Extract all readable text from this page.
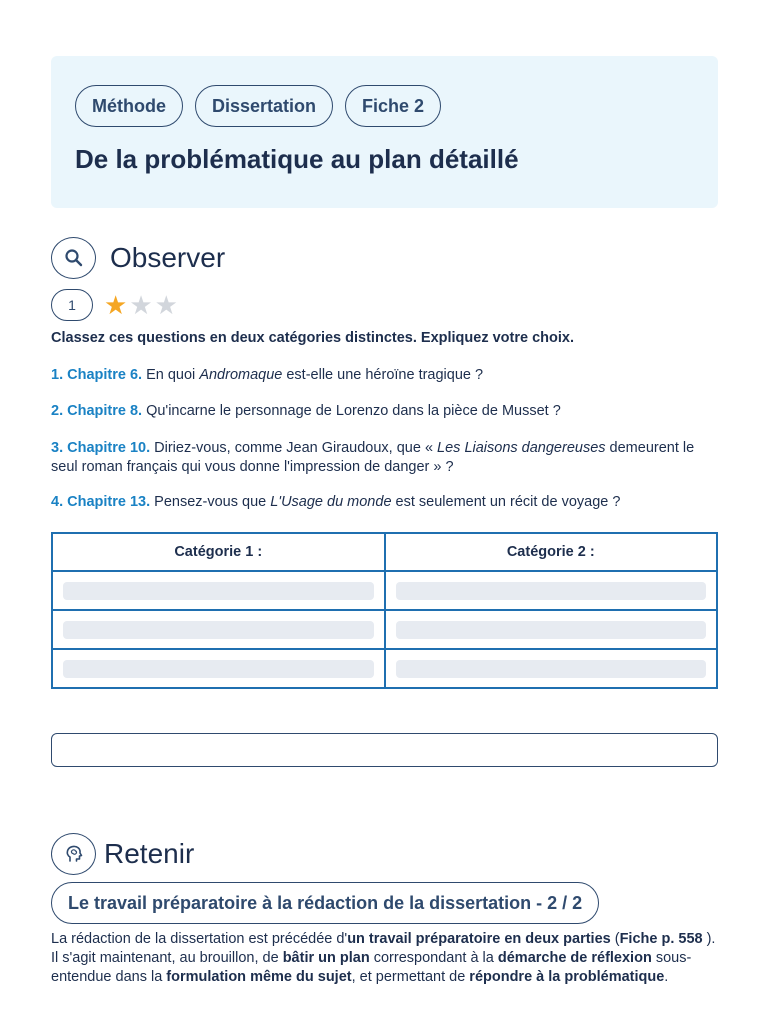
Méthode	Dissertation	Fiche 2
De la problématique au plan détaillé
Observer
1	★ ★ ★
Classez ces questions en deux catégories distinctes. Expliquez votre choix.
1. Chapitre 6. En quoi Andromaque est-elle une héroïne tragique ?
2. Chapitre 8. Qu'incarne le personnage de Lorenzo dans la pièce de Musset ?
3. Chapitre 10. Diriez-vous, comme Jean Giraudoux, que « Les Liaisons dangereuses demeurent le seul roman français qui vous donne l'impression de danger » ?
4. Chapitre 13. Pensez-vous que L'Usage du monde est seulement un récit de voyage ?
Catégorie 1 :	Catégorie 2 :

Retenir
Le travail préparatoire à la rédaction de la dissertation - 2 / 2
La rédaction de la dissertation est précédée d'un travail préparatoire en deux parties (Fiche p. 558 ). Il s'agit maintenant, au brouillon, de bâtir un plan correspondant à la démarche de réflexion sous-entendue dans la formulation même du sujet, et permettant de répondre à la problématique.
